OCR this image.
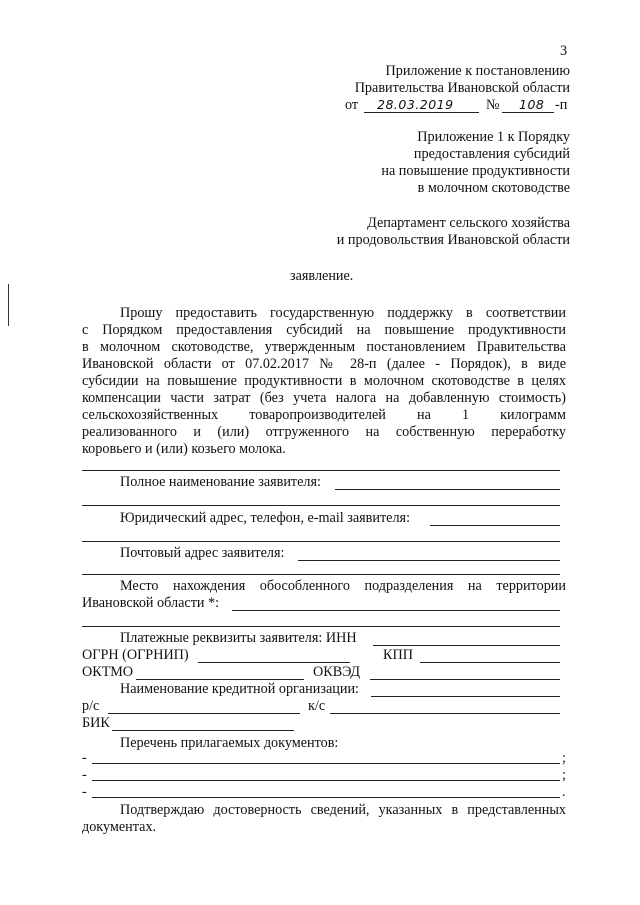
3
Приложение к постановлению
Правительства Ивановской области
от 28.03.2019 № 108 -п
Приложение 1 к Порядку
предоставления субсидий
на повышение продуктивности
в молочном скотоводстве
Департамент сельского хозяйства
и продовольствия Ивановской области
заявление.
Прошу предоставить государственную поддержку в соответствии
с Порядком предоставления субсидий на повышение продуктивности
в молочном скотоводстве, утвержденным постановлением Правительства
Ивановской области от 07.02.2017 № 28-п (далее - Порядок), в виде
субсидии на повышение продуктивности в молочном скотоводстве в целях
компенсации части затрат (без учета налога на добавленную стоимость)
сельскохозяйственных товаропроизводителей на 1 килограмм
реализованного и (или) отгруженного на собственную переработку
коровьего и (или) козьего молока.
Полное наименование заявителя:
Юридический адрес, телефон, e-mail заявителя:
Почтовый адрес заявителя:
Место нахождения обособленного подразделения на территории
Ивановской области *:
Платежные реквизиты заявителя: ИНН
ОГРН (ОГРНИП)	КПП
ОКТМО	ОКВЭД
Наименование кредитной организации:
р/с	к/с
БИК
Перечень прилагаемых документов:
-	;
-	;
-	.
Подтверждаю достоверность сведений, указанных в представленных
документах.
